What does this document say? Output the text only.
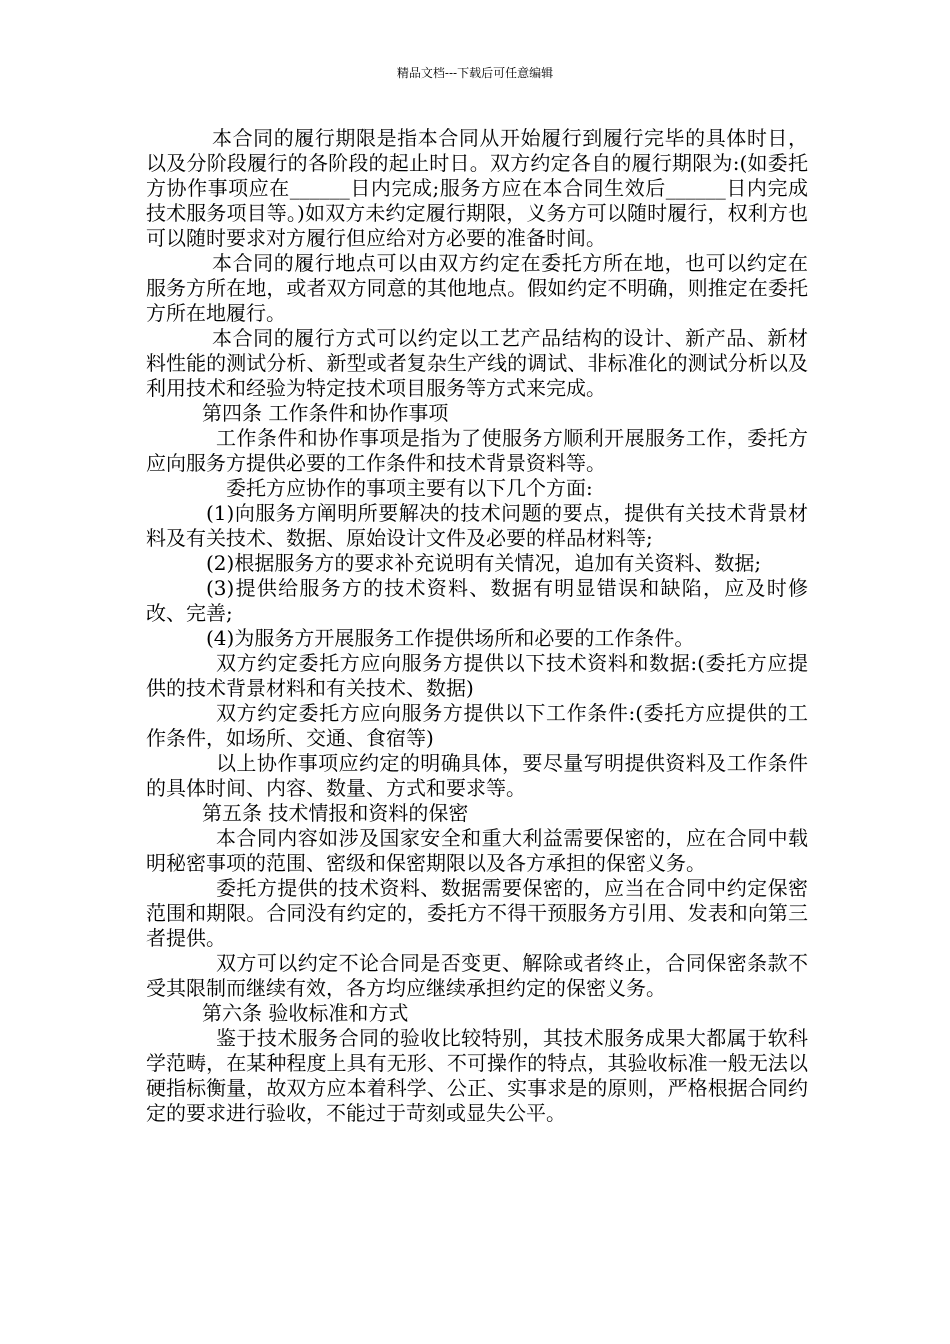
精品文档---下载后可任意编辑

本合同的履行期限是指本合同从开始履行到履行完毕的具体时日，以及分阶段履行的各阶段的起止时日。双方约定各自的履行期限为:(如委托方协作事项应在______日内完成;服务方应在本合同生效后______日内完成技术服务项目等。)如双方未约定履行期限，义务方可以随时履行，权利方也可以随时要求对方履行但应给对方必要的准备时间。

本合同的履行地点可以由双方约定在委托方所在地，也可以约定在服务方所在地，或者双方同意的其他地点。假如约定不明确，则推定在委托方所在地履行。

本合同的履行方式可以约定以工艺产品结构的设计、新产品、新材料性能的测试分析、新型或者复杂生产线的调试、非标准化的测试分析以及利用技术和经验为特定技术项目服务等方式来完成。

第四条 工作条件和协作事项

工作条件和协作事项是指为了使服务方顺利开展服务工作，委托方应向服务方提供必要的工作条件和技术背景资料等。

委托方应协作的事项主要有以下几个方面:

(1)向服务方阐明所要解决的技术问题的要点，提供有关技术背景材料及有关技术、数据、原始设计文件及必要的样品材料等;

(2)根据服务方的要求补充说明有关情况，追加有关资料、数据;

(3)提供给服务方的技术资料、数据有明显错误和缺陷，应及时修改、完善;

(4)为服务方开展服务工作提供场所和必要的工作条件。

双方约定委托方应向服务方提供以下技术资料和数据:(委托方应提供的技术背景材料和有关技术、数据)

双方约定委托方应向服务方提供以下工作条件:(委托方应提供的工作条件，如场所、交通、食宿等)

以上协作事项应约定的明确具体，要尽量写明提供资料及工作条件的具体时间、内容、数量、方式和要求等。

第五条 技术情报和资料的保密

本合同内容如涉及国家安全和重大利益需要保密的，应在合同中载明秘密事项的范围、密级和保密期限以及各方承担的保密义务。

委托方提供的技术资料、数据需要保密的，应当在合同中约定保密范围和期限。合同没有约定的，委托方不得干预服务方引用、发表和向第三者提供。

双方可以约定不论合同是否变更、解除或者终止，合同保密条款不受其限制而继续有效，各方均应继续承担约定的保密义务。

第六条 验收标准和方式

鉴于技术服务合同的验收比较特别，其技术服务成果大都属于软科学范畴，在某种程度上具有无形、不可操作的特点，其验收标准一般无法以硬指标衡量，故双方应本着科学、公正、实事求是的原则，严格根据合同约定的要求进行验收，不能过于苛刻或显失公平。
